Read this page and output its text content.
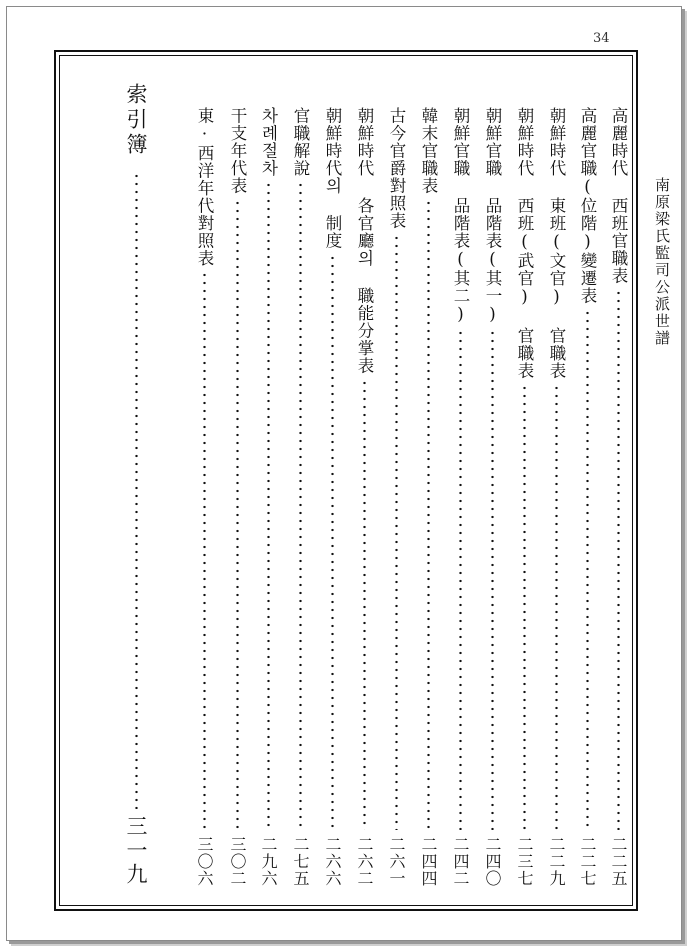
34
南原梁氏監司公派世譜
高麗時代 西班官職表
二二五
高麗官職(位階)變遷表
二二七
朝鮮時代 東班(文官) 官職表
二二九
朝鮮時代 西班(武官) 官職表
二三七
朝鮮官職 品階表(其一)
二四〇
朝鮮官職 品階表(其二)
二四二
韓末官職表
二四四
古今官爵對照表
二六一
朝鮮時代 各官廳의 職能分掌表
二六二
朝鮮時代의 制度
二六六
官職解說
二七五
차례절차
二九六
干支年代表
三〇二
東·西洋年代對照表
三〇六
索引簿
三一九
